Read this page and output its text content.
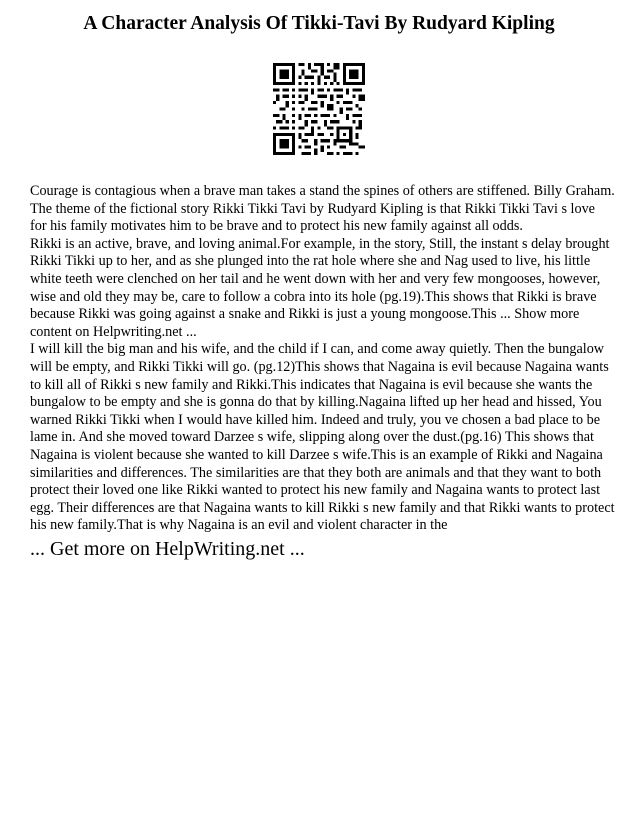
A Character Analysis Of Tikki-Tavi By Rudyard Kipling

Courage is contagious when a brave man takes a stand the spines of others are stiffened. Billy Graham. The theme of the fictional story Rikki Tikki Tavi by Rudyard Kipling is that Rikki Tikki Tavi s love for his family motivates him to be brave and to protect his new family against all odds.

Rikki is an active, brave, and loving animal.For example, in the story, Still, the instant s delay brought Rikki Tikki up to her, and as she plunged into the rat hole where she and Nag used to live, his little white teeth were clenched on her tail and he went down with her and very few mongooses, however, wise and old they may be, care to follow a cobra into its hole (pg.19).This shows that Rikki is brave because Rikki was going against a snake and Rikki is just a young mongoose.This ... Show more content on Helpwriting.net ...

I will kill the big man and his wife, and the child if I can, and come away quietly. Then the bungalow will be empty, and Rikki Tikki will go. (pg.12)This shows that Nagaina is evil because Nagaina wants to kill all of Rikki s new family and Rikki.This indicates that Nagaina is evil because she wants the bungalow to be empty and she is gonna do that by killing.Nagaina lifted up her head and hissed, You warned Rikki Tikki when I would have killed him. Indeed and truly, you ve chosen a bad place to be lame in. And she moved toward Darzee s wife, slipping along over the dust.(pg.16) This shows that Nagaina is violent because she wanted to kill Darzee s wife.This is an example of Rikki and Nagaina similarities and differences. The similarities are that they both are animals and that they want to both protect their loved one like Rikki wanted to protect his new family and Nagaina wants to protect last egg. Their differences are that Nagaina wants to kill Rikki s new family and that Rikki wants to protect his new family.That is why Nagaina is an evil and violent character in the

... Get more on HelpWriting.net ...
